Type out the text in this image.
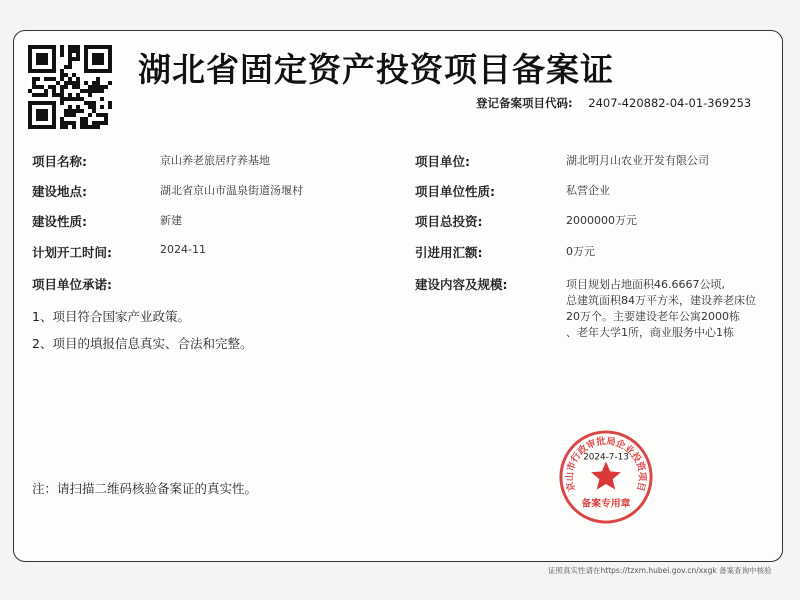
湖北省固定资产投资项目备案证
登记备案项目代码: 2407-420882-04-01-369253
项目名称:	京山养老旅居疗养基地
建设地点:	湖北省京山市温泉街道汤堰村
建设性质:	新建
计划开工时间:	2024-11
项目单位承诺:
1、项目符合国家产业政策。
2、项目的填报信息真实、合法和完整。
项目单位:	湖北明月山农业开发有限公司
项目单位性质:	私营企业
项目总投资:	2000000万元
引进用汇额:	0万元
建设内容及规模:	项目规划占地面积46.6667公顷,
总建筑面积84万平方米，建设养老床位
20万个。主要建设老年公寓2000栋
、老年大学1所，商业服务中心1栋
注：请扫描二维码核验备案证的真实性。	京山市行政审批局企业投资项目
2024-7-13
备案专用章
证照真实性请在https://tzxm.hubei.gov.cn/xxgk 备案查询中核验
